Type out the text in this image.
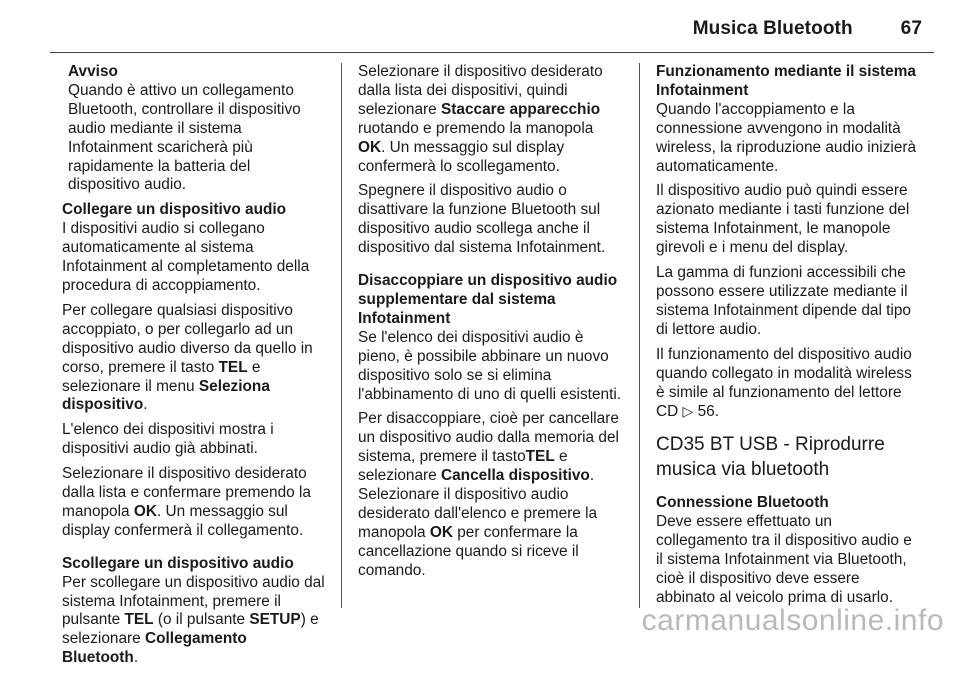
Musica Bluetooth	67

Avviso

Quando è attivo un collegamento Bluetooth, controllare il dispositivo audio mediante il sistema Infotainment scaricherà più rapidamente la batteria del dispositivo audio.

Collegare un dispositivo audio

I dispositivi audio si collegano automaticamente al sistema Infotainment al completamento della procedura di accoppiamento.

Per collegare qualsiasi dispositivo accoppiato, o per collegarlo ad un dispositivo audio diverso da quello in corso, premere il tasto TEL e selezionare il menu Seleziona dispositivo.

L'elenco dei dispositivi mostra i dispositivi audio già abbinati.

Selezionare il dispositivo desiderato dalla lista e confermare premendo la manopola OK. Un messaggio sul display confermerà il collegamento.

Scollegare un dispositivo audio

Per scollegare un dispositivo audio dal sistema Infotainment, premere il pulsante TEL (o il pulsante SETUP) e selezionare Collegamento Bluetooth.

Selezionare il dispositivo desiderato dalla lista dei dispositivi, quindi selezionare Staccare apparecchio ruotando e premendo la manopola OK. Un messaggio sul display confermerà lo scollegamento.

Spegnere il dispositivo audio o disattivare la funzione Bluetooth sul dispositivo audio scollega anche il dispositivo dal sistema Infotainment.

Disaccoppiare un dispositivo audio supplementare dal sistema Infotainment

Se l'elenco dei dispositivi audio è pieno, è possibile abbinare un nuovo dispositivo solo se si elimina l'abbinamento di uno di quelli esistenti.

Per disaccoppiare, cioè per cancellare un dispositivo audio dalla memoria del sistema, premere il tastoTEL e selezionare Cancella dispositivo. Selezionare il dispositivo audio desiderato dall'elenco e premere la manopola OK per confermare la cancellazione quando si riceve il comando.

Funzionamento mediante il sistema Infotainment

Quando l'accoppiamento e la connessione avvengono in modalità wireless, la riproduzione audio inizierà automaticamente.

Il dispositivo audio può quindi essere azionato mediante i tasti funzione del sistema Infotainment, le manopole girevoli e i menu del display.

La gamma di funzioni accessibili che possono essere utilizzate mediante il sistema Infotainment dipende dal tipo di lettore audio.

Il funzionamento del dispositivo audio quando collegato in modalità wireless è simile al funzionamento del lettore CD ▷ 56.

CD35 BT USB - Riprodurre musica via bluetooth

Connessione Bluetooth

Deve essere effettuato un collegamento tra il dispositivo audio e il sistema Infotainment via Bluetooth, cioè il dispositivo deve essere abbinato al veicolo prima di usarlo.

carmanualsonline.info
